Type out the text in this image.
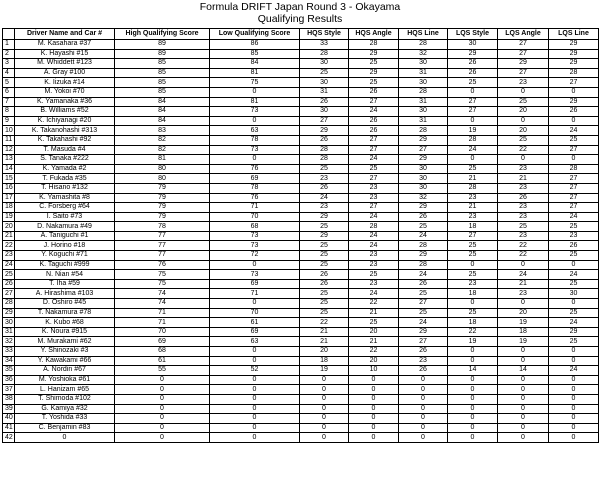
Formula DRIFT Japan Round 3 - Okayama
Qualifying Results
	Driver Name and Car #	High Qualifying Score	Low Qualifying Score	HQS Style	HQS Angle	HQS Line	LQS Style	LQS Angle	LQS Line
1	M. Kasahara #37	89	86	33	28	28	30	27	29
2	K. Hayashi #15	89	85	28	29	32	29	27	29
3	M. Whiddett #123	85	84	30	25	30	26	29	29
4	A. Gray #100	85	81	25	29	31	26	27	28
5	K. Iizuka #14	85	75	30	25	30	25	23	27
6	M. Yokoi #70	85	0	31	26	28	0	0	0
7	K. Yamanaka #36	84	81	26	27	31	27	25	29
8	B. Williams #52	84	73	30	24	30	27	20	26
9	K. Ichiyanagi #20	84	0	27	26	31	0	0	0
10	K. Takanohashi #313	83	63	29	26	28	19	20	24
11	K. Takahashi #92	82	78	26	27	29	28	25	25
12	T. Masuda #4	82	73	28	27	27	24	22	27
13	S. Tanaka #222	81	0	28	24	29	0	0	0
14	K. Yamada #2	80	76	25	25	30	25	23	28
15	T. Fukada #35	80	69	23	27	30	21	21	27
16	T. Hisano #132	79	78	26	23	30	28	23	27
17	K. Yamashita #8	79	76	24	23	32	23	26	27
18	C. Forsberg #64	79	71	23	27	29	21	23	27
19	I. Saito #73	79	70	29	24	26	23	23	24
20	D. Nakamura #49	78	68	25	28	25	18	25	25
21	A. Taniguchi #1	77	73	29	24	24	27	23	23
22	J. Horino #18	77	73	25	24	28	25	22	26
23	Y. Koguchi #71	77	72	25	23	29	25	22	25
24	K. Taguchi #999	76	0	25	23	28	0	0	0
25	N. Nian #54	75	73	26	25	24	25	24	24
26	T. Iha #59	75	69	26	23	26	23	21	25
27	A. Hirashima #103	74	71	25	24	25	18	23	30
28	D. Oshiro #45	74	0	25	22	27	0	0	0
29	T. Nakamura #78	71	70	25	21	25	25	20	25
30	K. Kubo #68	71	61	22	25	24	18	19	24
31	K. Noura #915	70	69	21	20	29	22	18	29
32	M. Murakami #62	69	63	21	21	27	19	19	25
33	Y. Shinozaki #3	68	0	20	22	26	0	0	0
34	Y. Kawakami #66	61	0	18	20	23	0	0	0
35	A. Nordin #67	55	52	19	10	26	14	14	24
36	M. Yoshioka #61	0	0	0	0	0	0	0	0
37	L. Hanizam #65	0	0	0	0	0	0	0	0
38	T. Shimoda #102	0	0	0	0	0	0	0	0
39	G. Kamiya #32	0	0	0	0	0	0	0	0
40	T. Yoshida #33	0	0	0	0	0	0	0	0
41	C. Benjamin #83	0	0	0	0	0	0	0	0
42	0	0	0	0	0	0	0	0	0
